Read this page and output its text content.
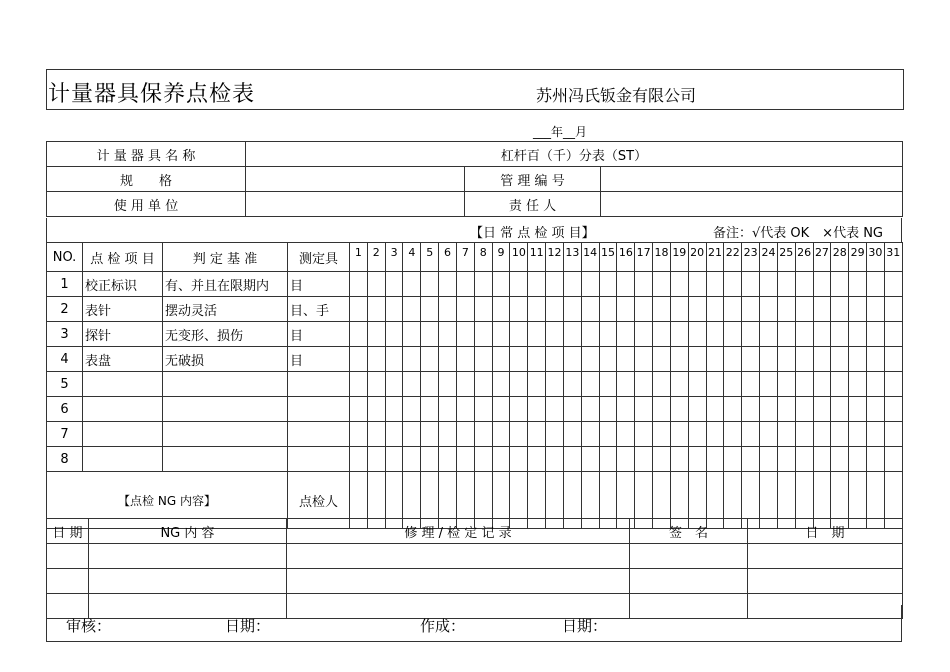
计量器具保养点检表	苏州冯氏钣金有限公司
___年__月
计 量 器 具 名 称	杠杆百（千）分表（ST）		
规　　格		管 理 编 号	
使 用 单 位		责 任 人	
【日 常 点 检 项 目】	备注：√代表 OK　×代表 NG
NO.	点 检 项 目	判 定 基 准	测定具	1	2	3	4	5	6	7	8	9	10	11	12	13	14	15	16	17	18	19	20	21	22	23	24	25	26	27	28	29	30	31
1	校正标识	有、并且在限期内	目																															
2	表针	摆动灵活	目、手																															
3	探针	无变形、损伤	目																															
4	表盘	无破损	目																															
5																																		
6																																		
7																																		
8																																		
【点检 NG 内容】			点检人																															
日 期	NG 内 容	修 理 / 检 定 记 录	签　名	日　期

审核：	日期：	作成：	日期：
